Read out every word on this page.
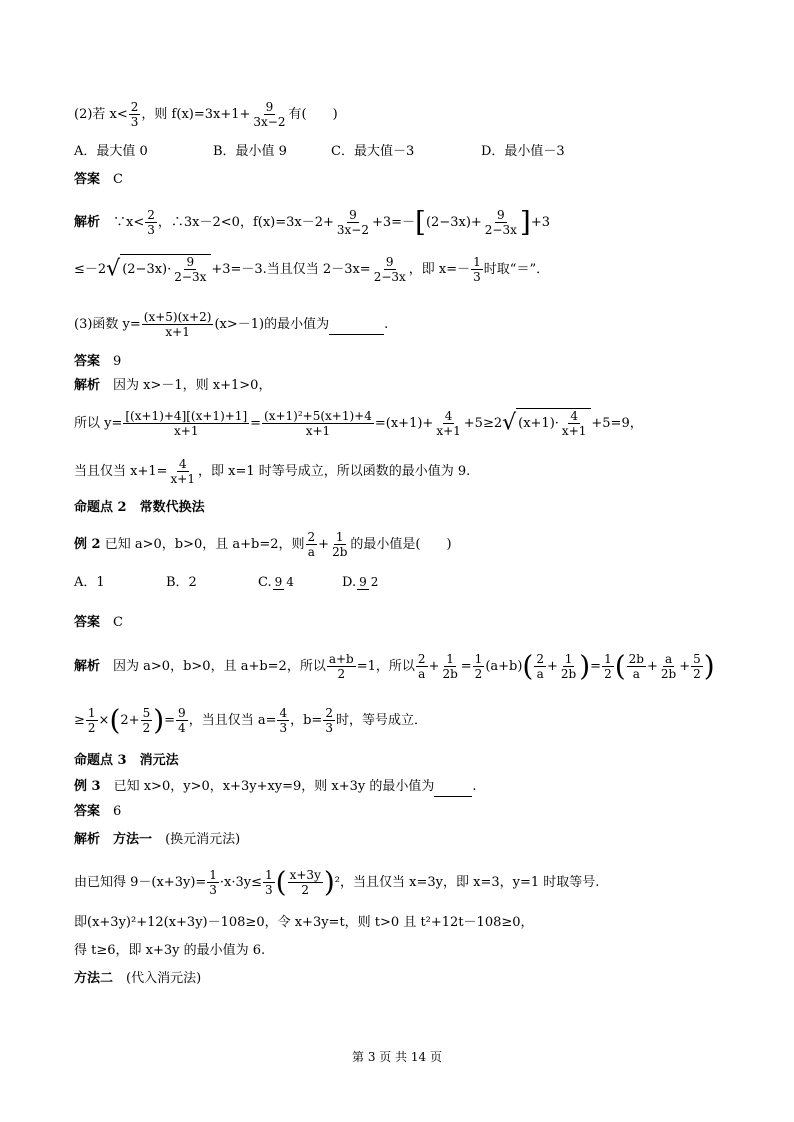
(2)若 $x< \frac{2}{3}$ ，则 $f(x)=3x+1+ \frac{9}{3x-2}$ 有(　　)
A．最大值 0	B．最小值 9	C．最大值－3	D．最小值－3
答案　 C
解析　 ∵x< $\frac{2}{3}$ ，∴3x－2<0，$f(x)=3x-2+ \frac{9}{3x-2} +3=-[(2-3x)+ \frac{9}{2-3x} ]+3$
≤－2√ $(2-3x)\cdot \frac{9}{2-3x} +3=-3$.当且仅当 $2-3x= \frac{9}{2-3x}$ ，即 $x=- \frac{1}{3}$ 时取“＝”．
(3)函数 $y= \frac{(x+5)(x+2)}{x+1} (x>-1)$的最小值为	.
答案　 9
解析　 因为 x>－1，则 x+1>0，
所以 $y= \frac{[(x+1)+4][(x+1)+1]}{x+1} = \frac{\text{(x+1)²+5(x+1)+4}}{x+1} =(x+1)+ \frac{4}{x+1} +5\ge 2√$ $(x+1)\cdot \frac{4}{x+1} +5=9$，
当且仅当 $x+1= \frac{4}{x+1}$ ，即 x=1 时等号成立，所以函数的最小值为 9.
命题点 2　常数代换法
例 2 已知 a>0，b>0，且 a+b=2，则 $\frac{2}{a} + \frac{1}{2b}$ 的最小值是(　　)
A．1	B．2	C. 9 4	D. 9 2
答案　 C
解析　 因为 a>0，b>0，且 a+b=2，所以 $\frac{a+b}{2} =1$，所以 $\frac{2}{a} + \frac{1}{2b} = \frac{1}{2} (a+b)( \frac{2}{a} + \frac{1}{2b}$ )= $\frac{1}{2}$ ( $\frac{2b}{a} + \frac{a}{2b} + \frac{5}{2}$ )
≥ $\frac{1}{2} \times(2+ \frac{5}{2}$ )= $\frac{9}{4}$ ，当且仅当 $a= \frac{4}{3}$ ，$b= \frac{2}{3}$ 时，等号成立．
命题点 3　消元法
例 3　 已知 x>0，y>0，x+3y+xy=9，则 x+3y 的最小值为	.
答案　 6
解析　 方法一　 (换元消元法)
由已知得 $9-(x+3y)= \frac{1}{3} \cdot x\cdot 3y\le \frac{1}{3}$ ( $\frac{x+3y}{2} )^2$，当且仅当 x=3y，即 x=3，y=1 时取等号.
即(x+3y)²+12(x+3y)－108≥0，令 x+3y=t，则 t>0 且 t²+12t－108≥0，
得 t≥6，即 x+3y 的最小值为 6.
方法二　 (代入消元法)
第 3 页 共 14 页
